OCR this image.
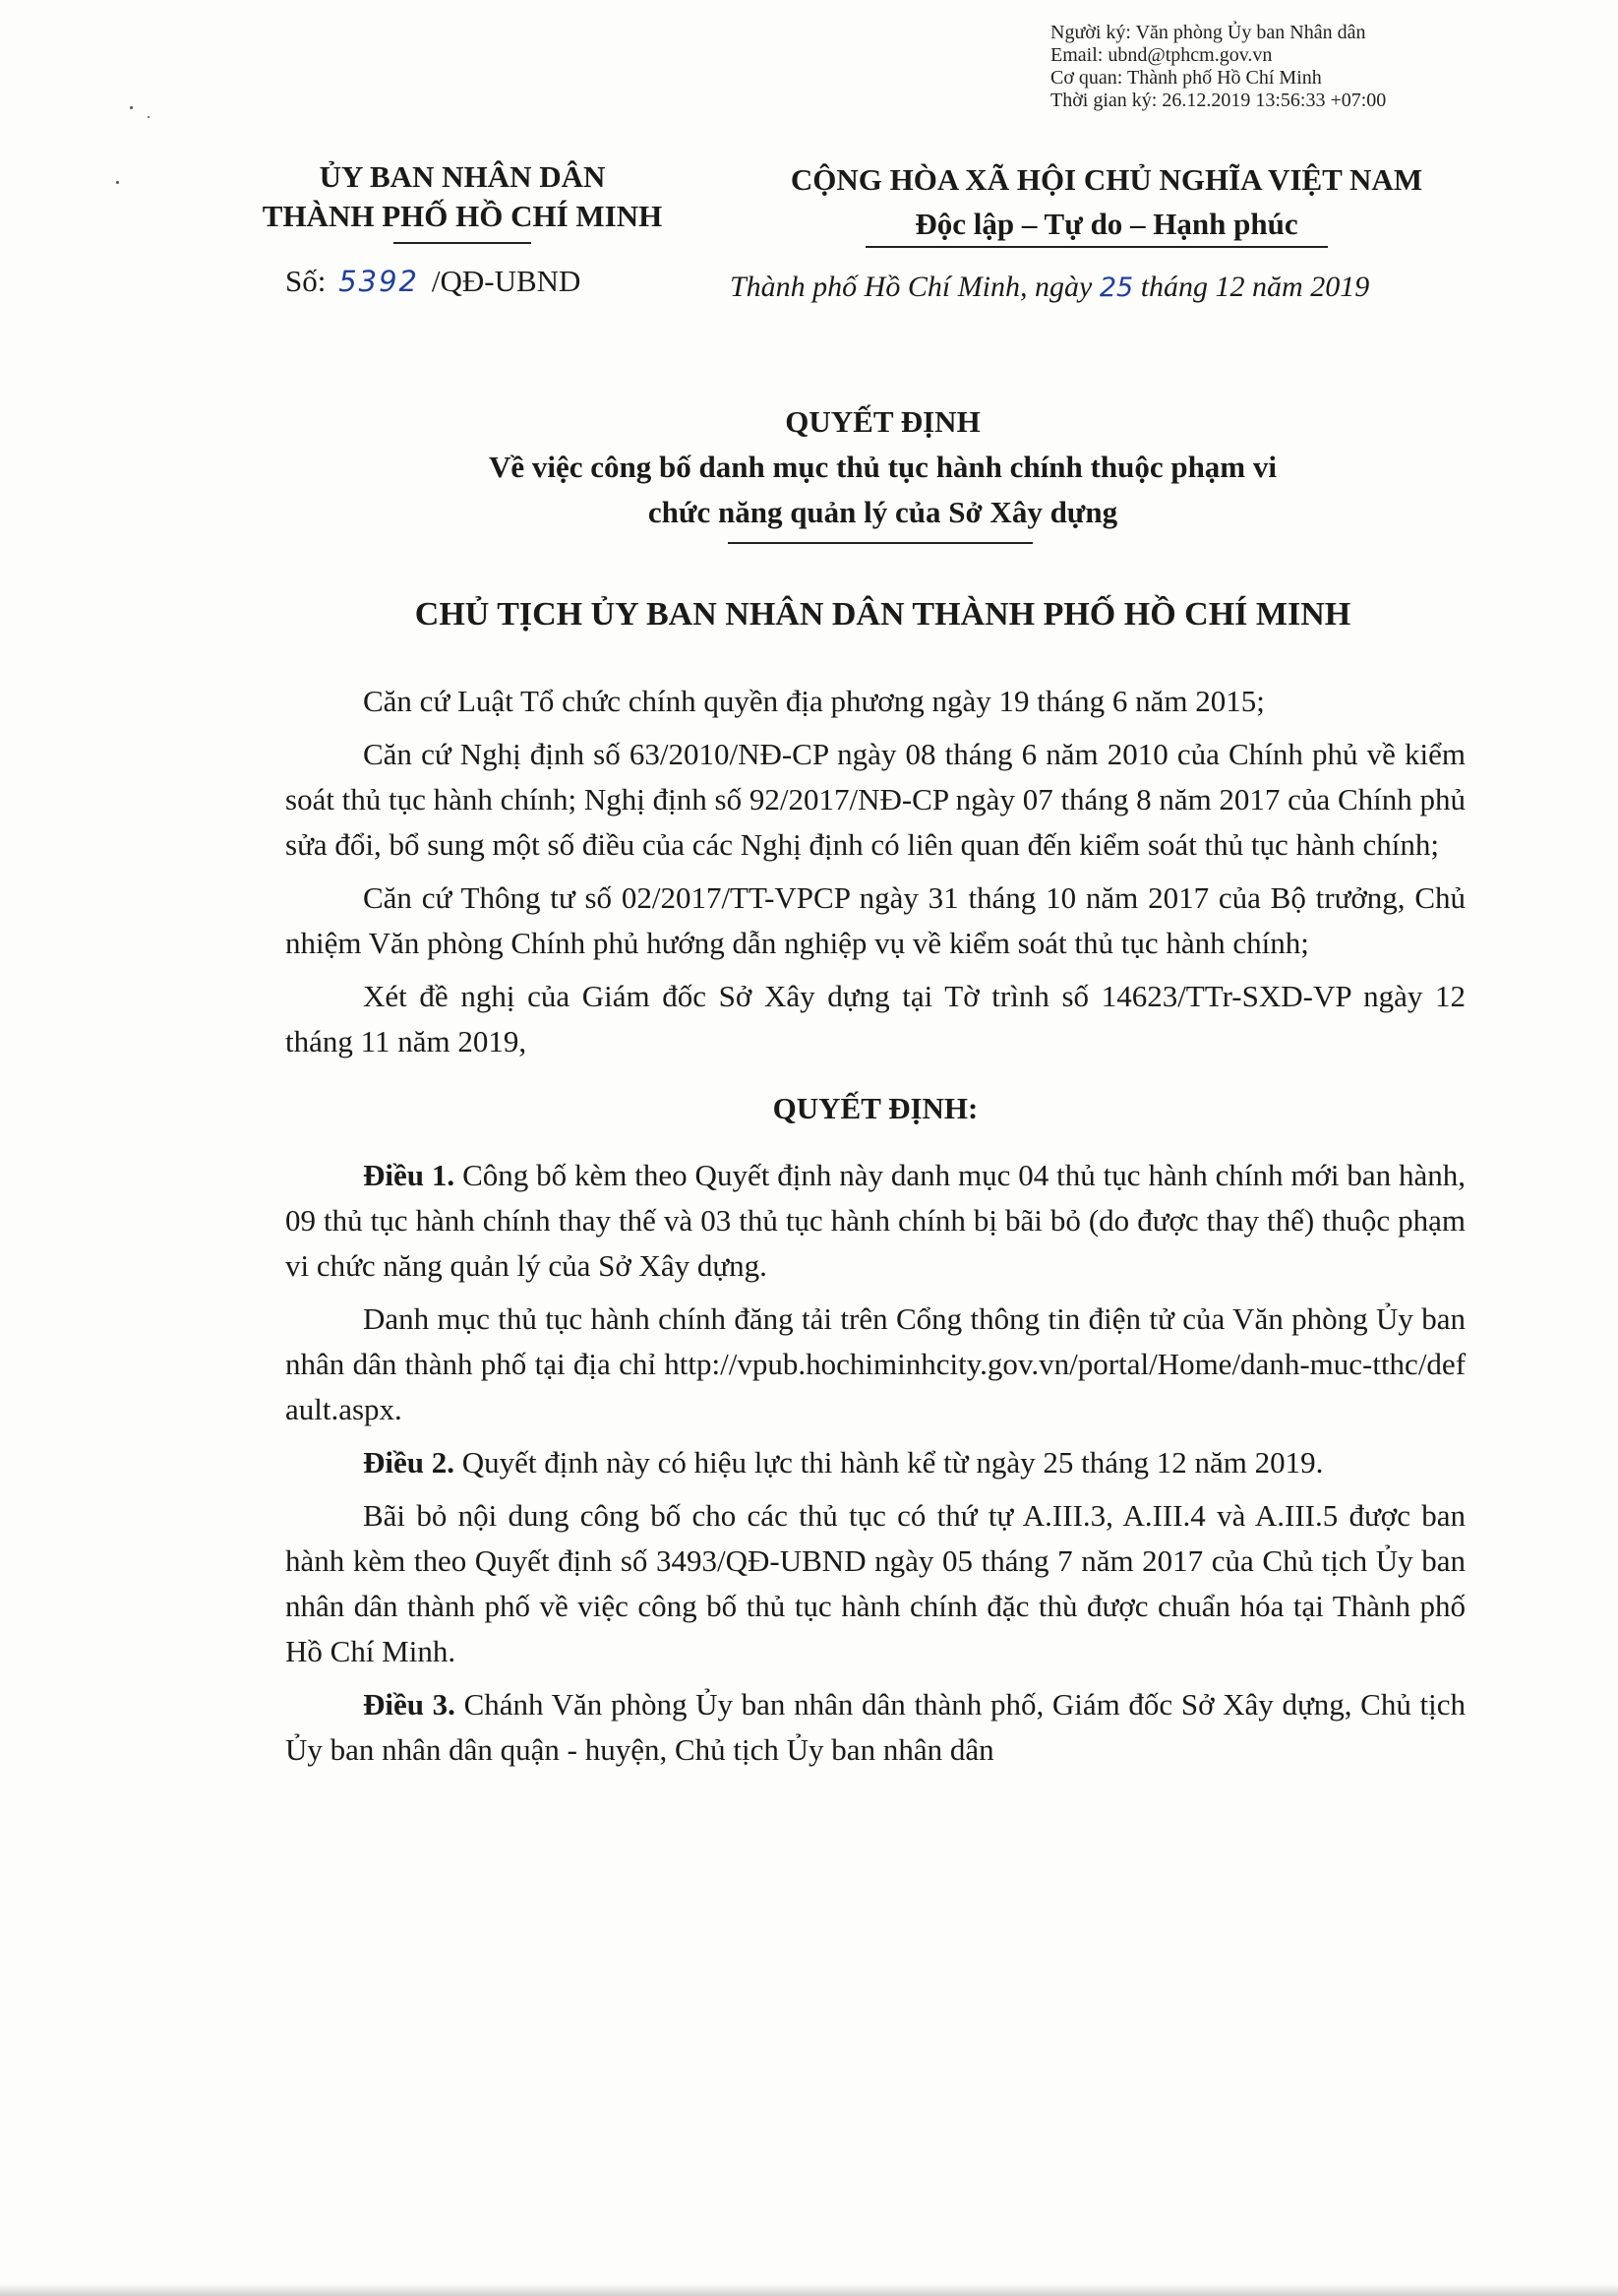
Người ký: Văn phòng Ủy ban Nhân dân
Email: ubnd@tphcm.gov.vn
Cơ quan: Thành phố Hồ Chí Minh
Thời gian ký: 26.12.2019 13:56:33 +07:00
ỦY BAN NHÂN DÂN
THÀNH PHỐ HỒ CHÍ MINH
CỘNG HÒA XÃ HỘI CHỦ NGHĨA VIỆT NAM
Độc lập – Tự do – Hạnh phúc
Số: 5392 /QĐ-UBND	Thành phố Hồ Chí Minh, ngày 25 tháng 12 năm 2019
QUYẾT ĐỊNH
Về việc công bố danh mục thủ tục hành chính thuộc phạm vi
chức năng quản lý của Sở Xây dựng
CHỦ TỊCH ỦY BAN NHÂN DÂN THÀNH PHỐ HỒ CHÍ MINH

Căn cứ Luật Tổ chức chính quyền địa phương ngày 19 tháng 6 năm 2015;

Căn cứ Nghị định số 63/2010/NĐ-CP ngày 08 tháng 6 năm 2010 của Chính phủ về kiểm soát thủ tục hành chính; Nghị định số 92/2017/NĐ-CP ngày 07 tháng 8 năm 2017 của Chính phủ sửa đổi, bổ sung một số điều của các Nghị định có liên quan đến kiểm soát thủ tục hành chính;

Căn cứ Thông tư số 02/2017/TT-VPCP ngày 31 tháng 10 năm 2017 của Bộ trưởng, Chủ nhiệm Văn phòng Chính phủ hướng dẫn nghiệp vụ về kiểm soát thủ tục hành chính;

Xét đề nghị của Giám đốc Sở Xây dựng tại Tờ trình số 14623/TTr-SXD-VP ngày 12 tháng 11 năm 2019,

QUYẾT ĐỊNH:

Điều 1. Công bố kèm theo Quyết định này danh mục 04 thủ tục hành chính mới ban hành, 09 thủ tục hành chính thay thế và 03 thủ tục hành chính bị bãi bỏ (do được thay thế) thuộc phạm vi chức năng quản lý của Sở Xây dựng.

Danh mục thủ tục hành chính đăng tải trên Cổng thông tin điện tử của Văn phòng Ủy ban nhân dân thành phố tại địa chỉ http://vpub.hochiminhcity.gov.vn/portal/Home/danh-muc-tthc/default.aspx.

Điều 2. Quyết định này có hiệu lực thi hành kể từ ngày 25 tháng 12 năm 2019.

Bãi bỏ nội dung công bố cho các thủ tục có thứ tự A.III.3, A.III.4 và A.III.5 được ban hành kèm theo Quyết định số 3493/QĐ-UBND ngày 05 tháng 7 năm 2017 của Chủ tịch Ủy ban nhân dân thành phố về việc công bố thủ tục hành chính đặc thù được chuẩn hóa tại Thành phố Hồ Chí Minh.

Điều 3. Chánh Văn phòng Ủy ban nhân dân thành phố, Giám đốc Sở Xây dựng, Chủ tịch Ủy ban nhân dân quận - huyện, Chủ tịch Ủy ban nhân dân
